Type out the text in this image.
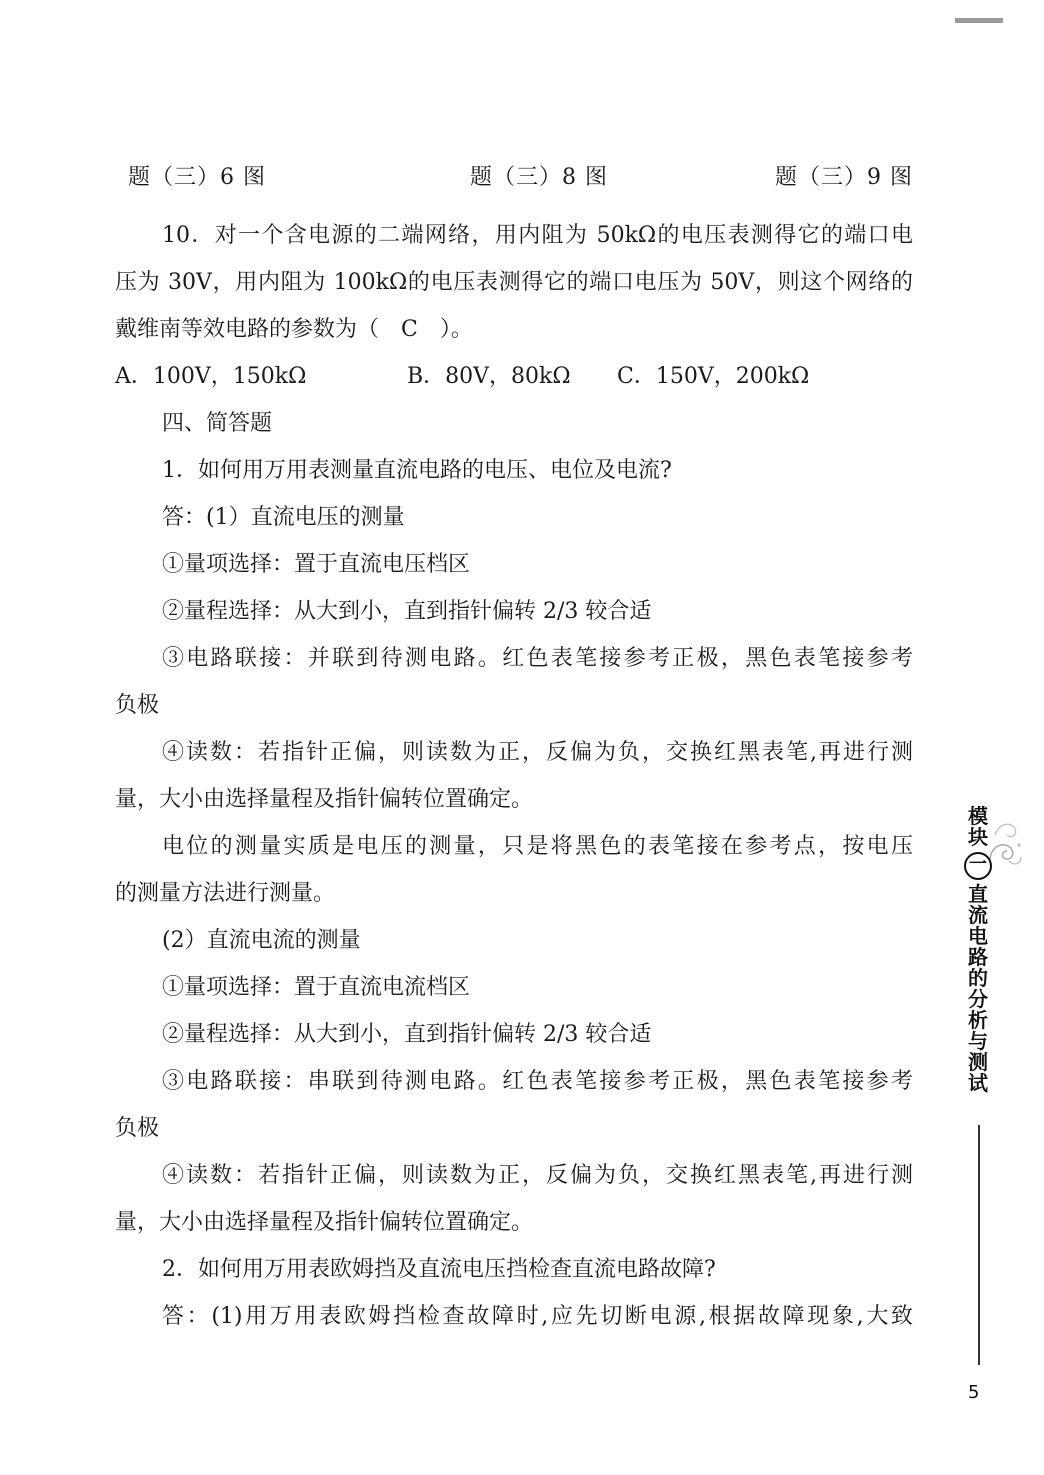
题（三）6 图	题（三）8 图	题（三）9 图
10．对一个含电源的二端网络，用内阻为 50kΩ的电压表测得它的端口电
压为 30V，用内阻为 100kΩ的电压表测得它的端口电压为 50V，则这个网络的
戴维南等效电路的参数为（　C　）。
A．100V，150kΩ	B．80V，80kΩ C．150V，200kΩ
四、简答题
1．如何用万用表测量直流电路的电压、电位及电流?
答：(1）直流电压的测量
①量项选择：置于直流电压档区
②量程选择：从大到小，直到指针偏转 2/3 较合适
③电路联接：并联到待测电路。红色表笔接参考正极，黑色表笔接参考
负极
④读数：若指针正偏，则读数为正，反偏为负，交换红黑表笔,再进行测
量，大小由选择量程及指针偏转位置确定。
电位的测量实质是电压的测量，只是将黑色的表笔接在参考点，按电压
的测量方法进行测量。
(2）直流电流的测量
①量项选择：置于直流电流档区
②量程选择：从大到小，直到指针偏转 2/3 较合适
③电路联接：串联到待测电路。红色表笔接参考正极，黑色表笔接参考
负极
④读数：若指针正偏，则读数为正，反偏为负，交换红黑表笔,再进行测
量，大小由选择量程及指针偏转位置确定。
2．如何用万用表欧姆挡及直流电压挡检查直流电路故障?
答：(1)用万用表欧姆挡检查故障时,应先切断电源,根据故障现象,大致
模
块
一
直
流
电
路
的
分
析
与
测
试
5
